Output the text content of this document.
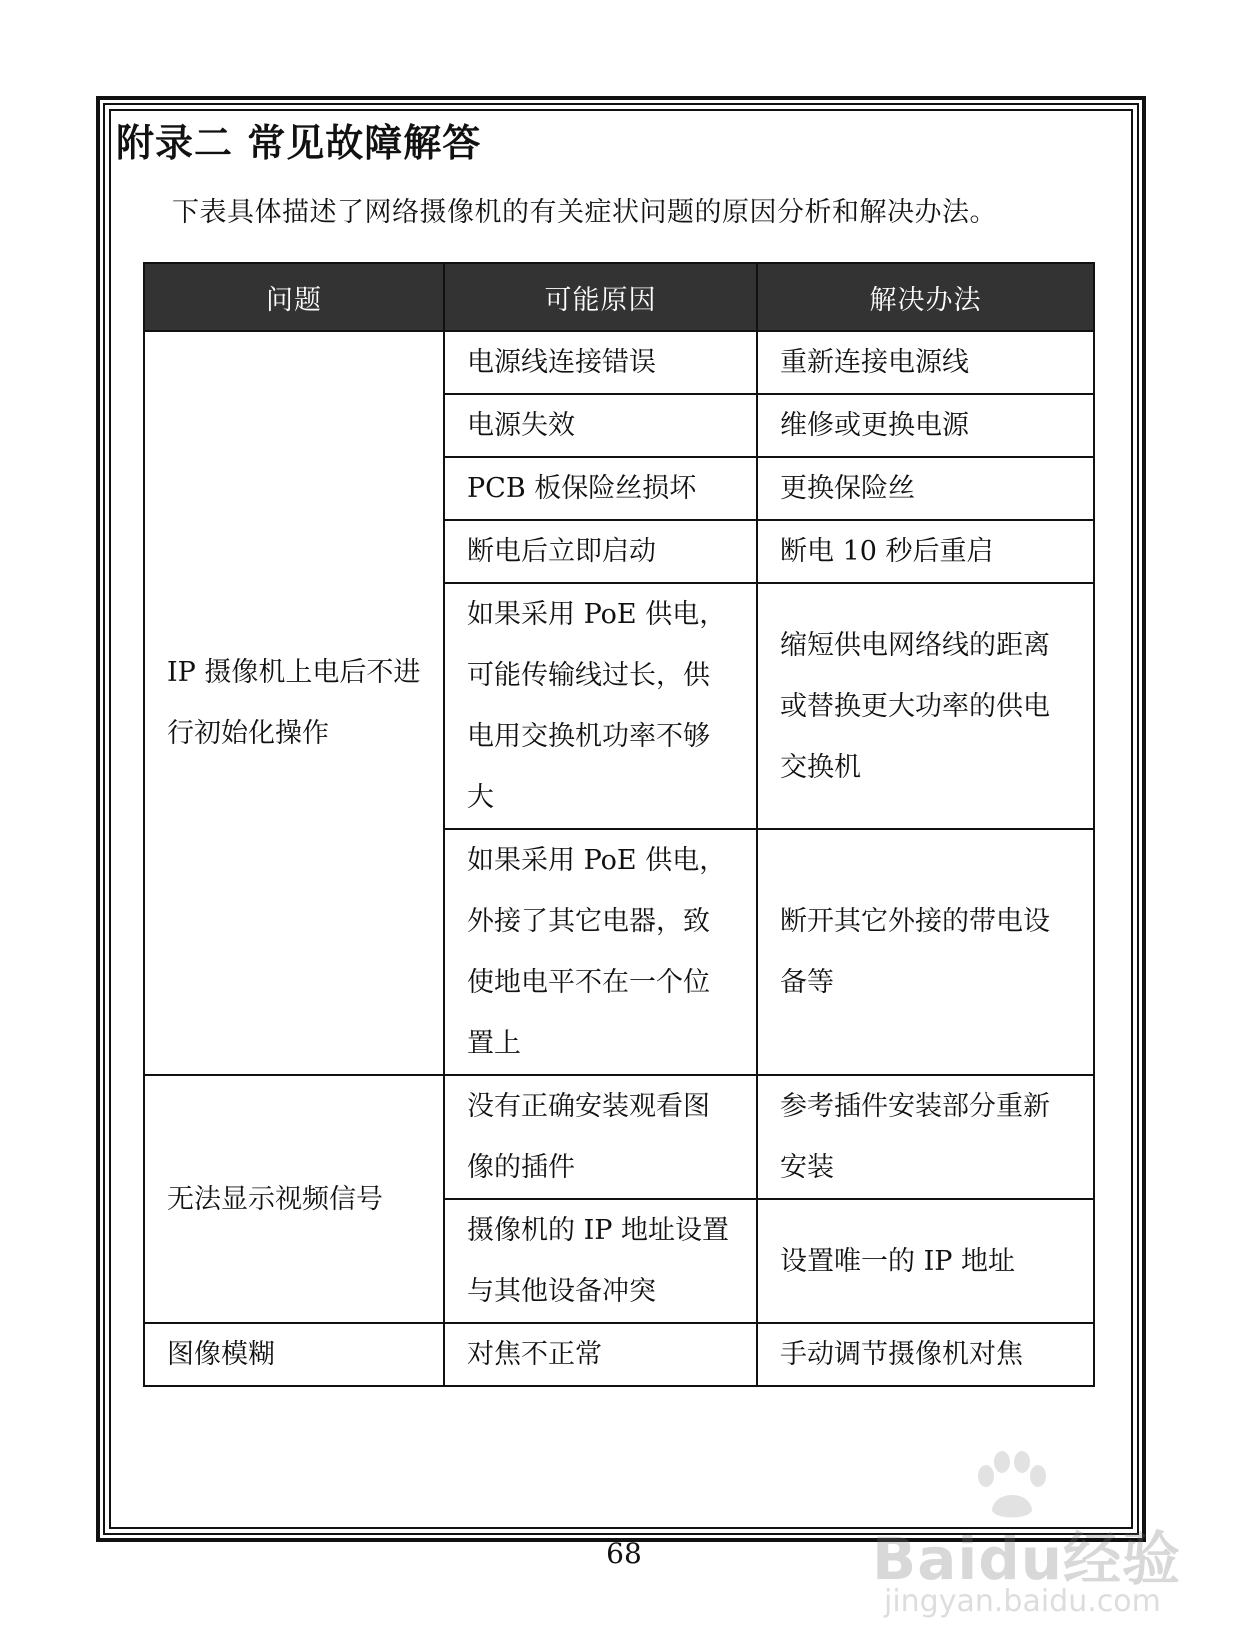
附录二 常见故障解答

下表具体描述了网络摄像机的有关症状问题的原因分析和解决办法。

问题	可能原因	解决办法

IP 摄像机上电后不进行初始化操作	电源线连接错误	重新连接电源线

	电源失效	维修或更换电源

	PCB 板保险丝损坏	更换保险丝

	断电后立即启动	断电 10 秒后重启

	如果采用 PoE 供电，可能传输线过长，供电用交换机功率不够大	缩短供电网络线的距离或替换更大功率的供电交换机

	如果采用 PoE 供电，外接了其它电器，致使地电平不在一个位置上	断开其它外接的带电设备等

无法显示视频信号	没有正确安装观看图像的插件	参考插件安装部分重新安装

	摄像机的 IP 地址设置与其他设备冲突	设置唯一的 IP 地址

图像模糊	对焦不正常	手动调节摄像机对焦

68	Baidu经验
jingyan.baidu.com
